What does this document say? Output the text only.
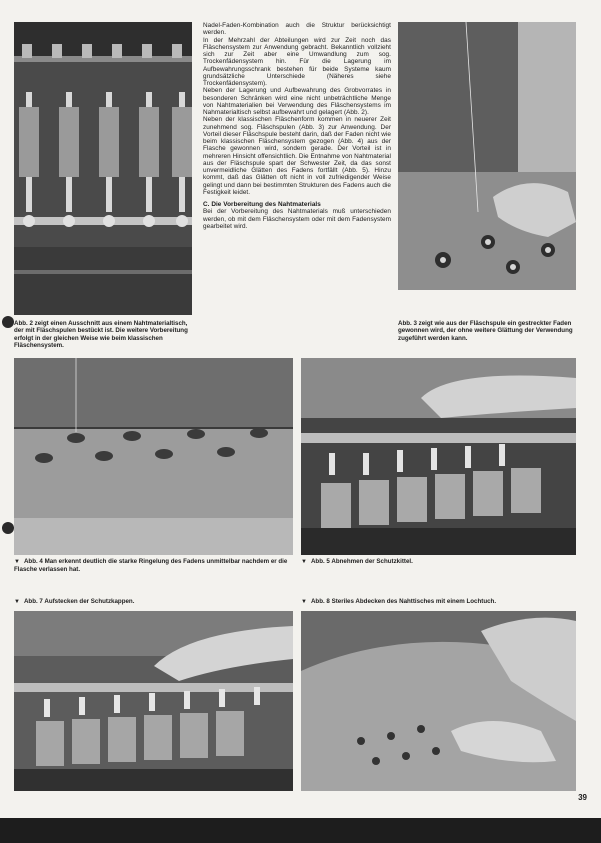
Nadel-Faden-Kombination auch die Struktur berücksichtigt werden.

In der Mehrzahl der Abteilungen wird zur Zeit noch das Fläschensystem zur Anwendung gebracht. Bekanntlich vollzieht sich zur Zeit aber eine Umwandlung zum sog. Trockenfädensystem hin. Für die Lagerung im Aufbewahrungsschrank bestehen für beide Systeme kaum grundsätzliche Unterschiede (Näheres siehe Trockenfädensystem).

Neben der Lagerung und Aufbewahrung des Grobvorrates in besonderen Schränken wird eine nicht unbeträchtliche Menge von Nahtmaterialien bei Verwendung des Fläschensystems im Nahmaterialtisch selbst aufbewahrt und gelagert (Abb. 2).

Neben der klassischen Fläschenform kommen in neuerer Zeit zunehmend sog. Fläschspulen (Abb. 3) zur Anwendung. Der Vorteil dieser Fläschspule besteht darin, daß der Faden nicht wie beim klassischen Fläschensystem gezogen (Abb. 4) aus der Flasche gewonnen wird, sondern gerade. Der Vorteil ist in mehreren Hinsicht offensichtlich. Die Entnahme von Nahtmaterial aus der Fläschspule spart der Schwester Zeit, da das sonst unvermeidliche Glätten des Fadens fortfällt (Abb. 5). Hinzu kommt, daß das Glätten oft nicht in voll zufriedigender Weise gelingt und dann bei bestimmten Strukturen des Fadens auch die Festigkeit leidet.

C. Die Vorbereitung des Nahtmaterials

Bei der Vorbereitung des Nahtmaterials muß unterschieden werden, ob mit dem Fläschensystem oder mit dem Fadensystem gearbeitet wird.

Abb. 2 zeigt einen Ausschnitt aus einem Nahtmaterialtisch, der mit Fläschspulen bestückt ist. Die weitere Vorbereitung erfolgt in der gleichen Weise wie beim klassischen Fläschensystem.
Abb. 3 zeigt wie aus der Fläschspule ein gestreckter Faden gewonnen wird, der ohne weitere Glättung der Verwendung zugeführt werden kann.
▼ Abb. 4 Man erkennt deutlich die starke Ringelung des Fadens unmittelbar nachdem er die Flasche verlassen hat.
▼ Abb. 5 Abnehmen der Schutzkittel.
▼ Abb. 7 Aufstecken der Schutzkappen.	▼ Abb. 8 Steriles Abdecken des Nahttisches mit einem Lochtuch.
39
